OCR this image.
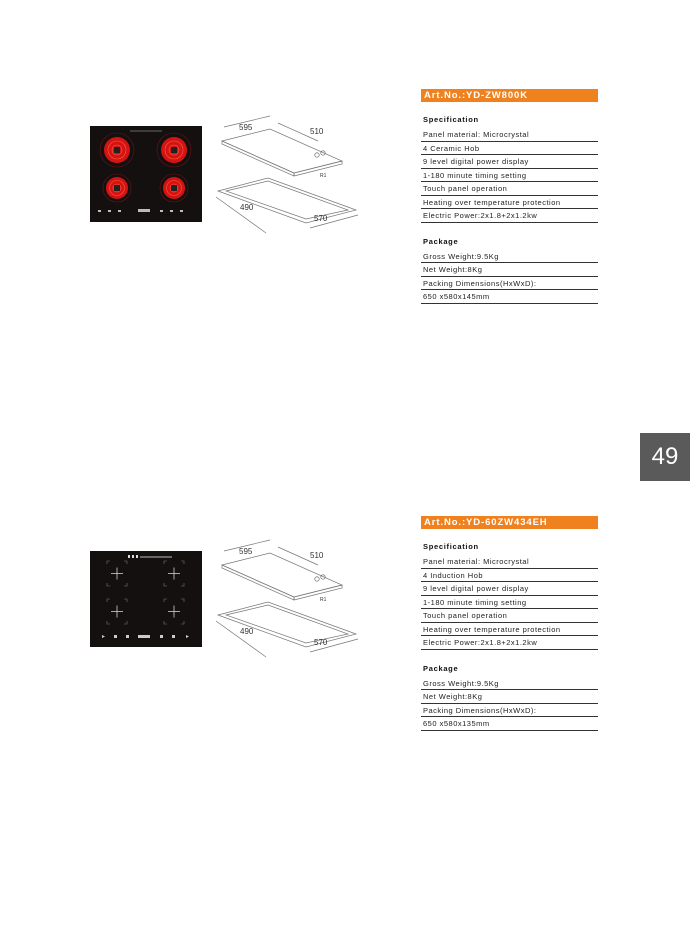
595	510
R1
490
570
Art.No.:YD-ZW800K
Specification
Panel material: Microcrystal
4 Ceramic Hob
9 level digital power display
1-180 minute timing setting
Touch panel operation
Heating over temperature protection
Electric Power:2x1.8+2x1.2kw
Package
Gross Weight:9.5Kg
Net Weight:8Kg
Packing Dimensions(HxWxD):
650 x580x145mm
595	510
R1
490
570
Art.No.:YD-60ZW434EH
Specification
Panel material: Microcrystal
4 Induction Hob
9 level digital power display
1-180 minute timing setting
Touch panel operation
Heating over temperature protection
Electric Power:2x1.8+2x1.2kw
Package
Gross Weight:9.5Kg
Net Weight:8Kg
Packing Dimensions(HxWxD):
650 x580x135mm
49
